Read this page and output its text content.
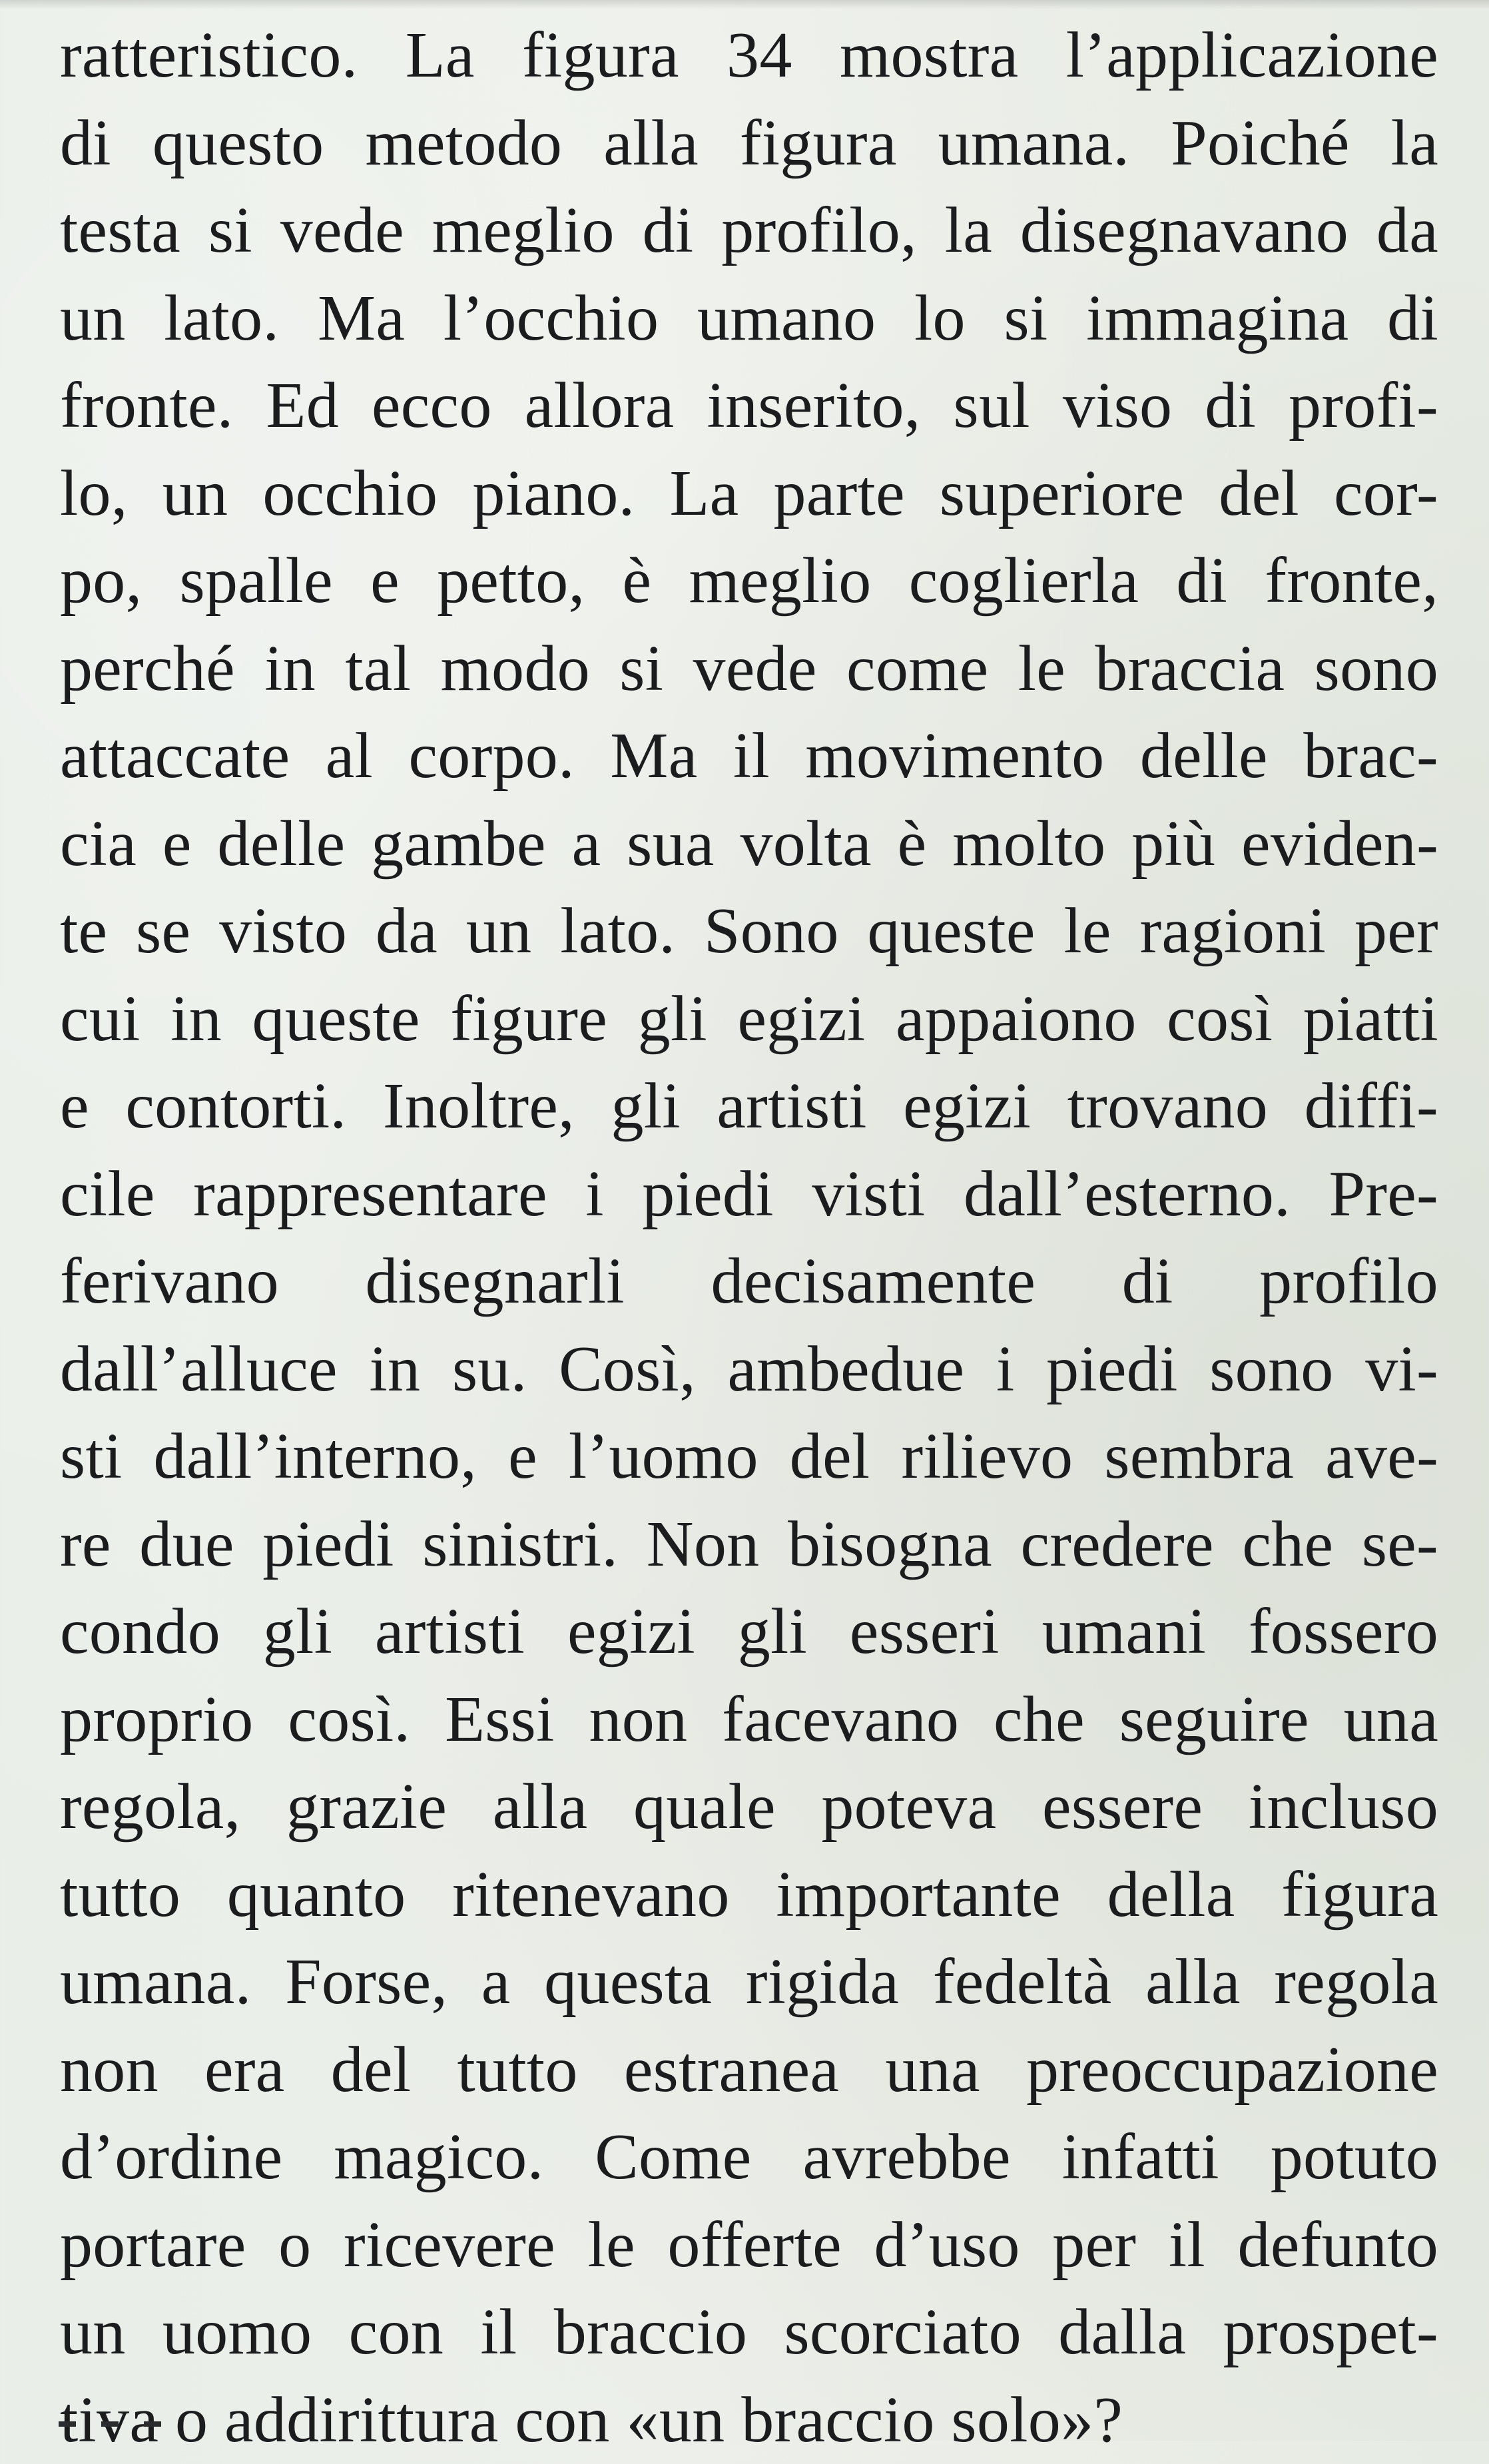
ratteristico. La figura 34 mostra l’applicazione
di questo metodo alla figura umana. Poiché la
testa si vede meglio di profilo, la disegnavano da
un lato. Ma l’occhio umano lo si immagina di
fronte. Ed ecco allora inserito, sul viso di profi-
lo, un occhio piano. La parte superiore del cor-
po, spalle e petto, è meglio coglierla di fronte,
perché in tal modo si vede come le braccia sono
attaccate al corpo. Ma il movimento delle brac-
cia e delle gambe a sua volta è molto più eviden-
te se visto da un lato. Sono queste le ragioni per
cui in queste figure gli egizi appaiono così piatti
e contorti. Inoltre, gli artisti egizi trovano diffi-
cile rappresentare i piedi visti dall’esterno. Pre-
ferivano disegnarli decisamente di profilo
dall’alluce in su. Così, ambedue i piedi sono vi-
sti dall’interno, e l’uomo del rilievo sembra ave-
re due piedi sinistri. Non bisogna credere che se-
condo gli artisti egizi gli esseri umani fossero
proprio così. Essi non facevano che seguire una
regola, grazie alla quale poteva essere incluso
tutto quanto ritenevano importante della figura
umana. Forse, a questa rigida fedeltà alla regola
non era del tutto estranea una preoccupazione
d’ordine magico. Come avrebbe infatti potuto
portare o ricevere le offerte d’uso per il defunto
un uomo con il braccio scorciato dalla prospet-
tiva o addirittura con «un braccio solo»?
